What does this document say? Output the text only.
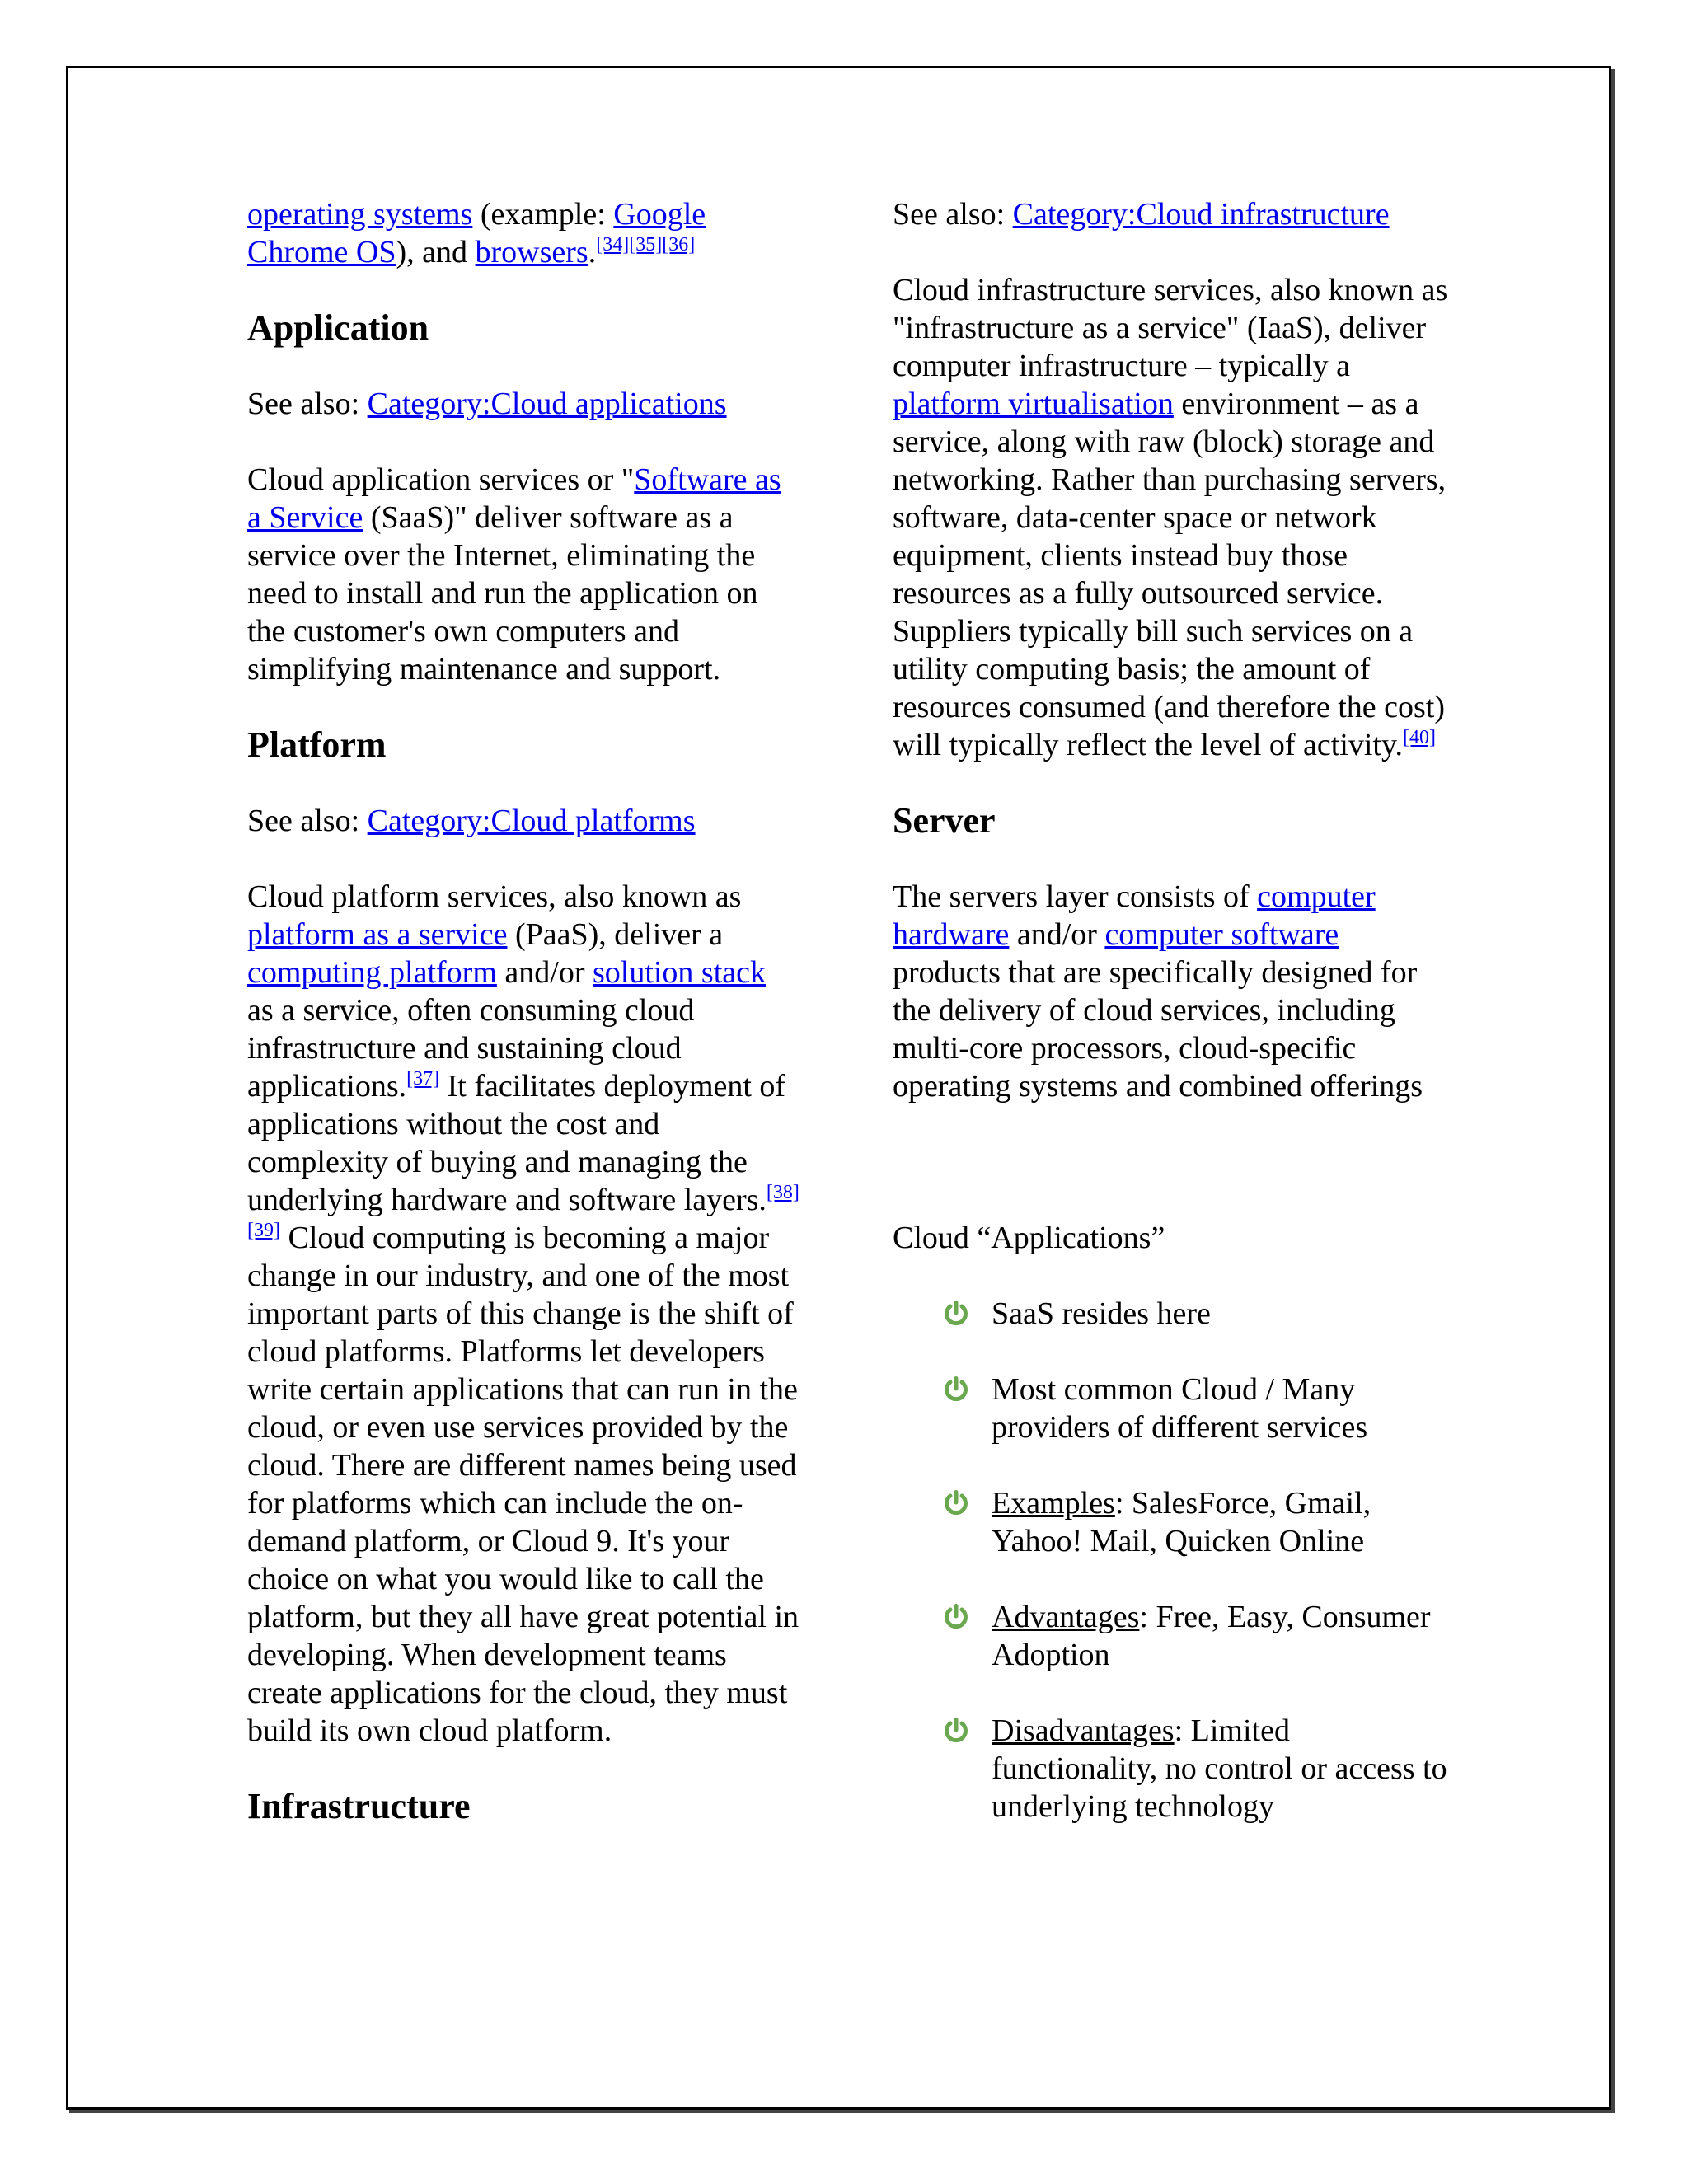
operating systems (example: Google Chrome OS), and browsers.[34][35][36]

Application

See also: Category:Cloud applications

Cloud application services or "Software as a Service (SaaS)" deliver software as a service over the Internet, eliminating the need to install and run the application on the customer's own computers and simplifying maintenance and support.

Platform

See also: Category:Cloud platforms

Cloud platform services, also known as platform as a service (PaaS), deliver a computing platform and/or solution stack as a service, often consuming cloud infrastructure and sustaining cloud applications.[37] It facilitates deployment of applications without the cost and complexity of buying and managing the underlying hardware and software layers.[38][39] Cloud computing is becoming a major change in our industry, and one of the most important parts of this change is the shift of cloud platforms. Platforms let developers write certain applications that can run in the cloud, or even use services provided by the cloud. There are different names being used for platforms which can include the on-demand platform, or Cloud 9. It's your choice on what you would like to call the platform, but they all have great potential in developing. When development teams create applications for the cloud, they must build its own cloud platform.

Infrastructure

See also: Category:Cloud infrastructure

Cloud infrastructure services, also known as "infrastructure as a service" (IaaS), deliver computer infrastructure – typically a platform virtualisation environment – as a service, along with raw (block) storage and networking. Rather than purchasing servers, software, data-center space or network equipment, clients instead buy those resources as a fully outsourced service. Suppliers typically bill such services on a utility computing basis; the amount of resources consumed (and therefore the cost) will typically reflect the level of activity.[40]

Server

The servers layer consists of computer hardware and/or computer software products that are specifically designed for the delivery of cloud services, including multi-core processors, cloud-specific operating systems and combined offerings

Cloud “Applications”

SaaS resides here
Most common Cloud / Many providers of different services
Examples: SalesForce, Gmail, Yahoo! Mail, Quicken Online
Advantages: Free, Easy, Consumer Adoption
Disadvantages: Limited functionality, no control or access to underlying technology
